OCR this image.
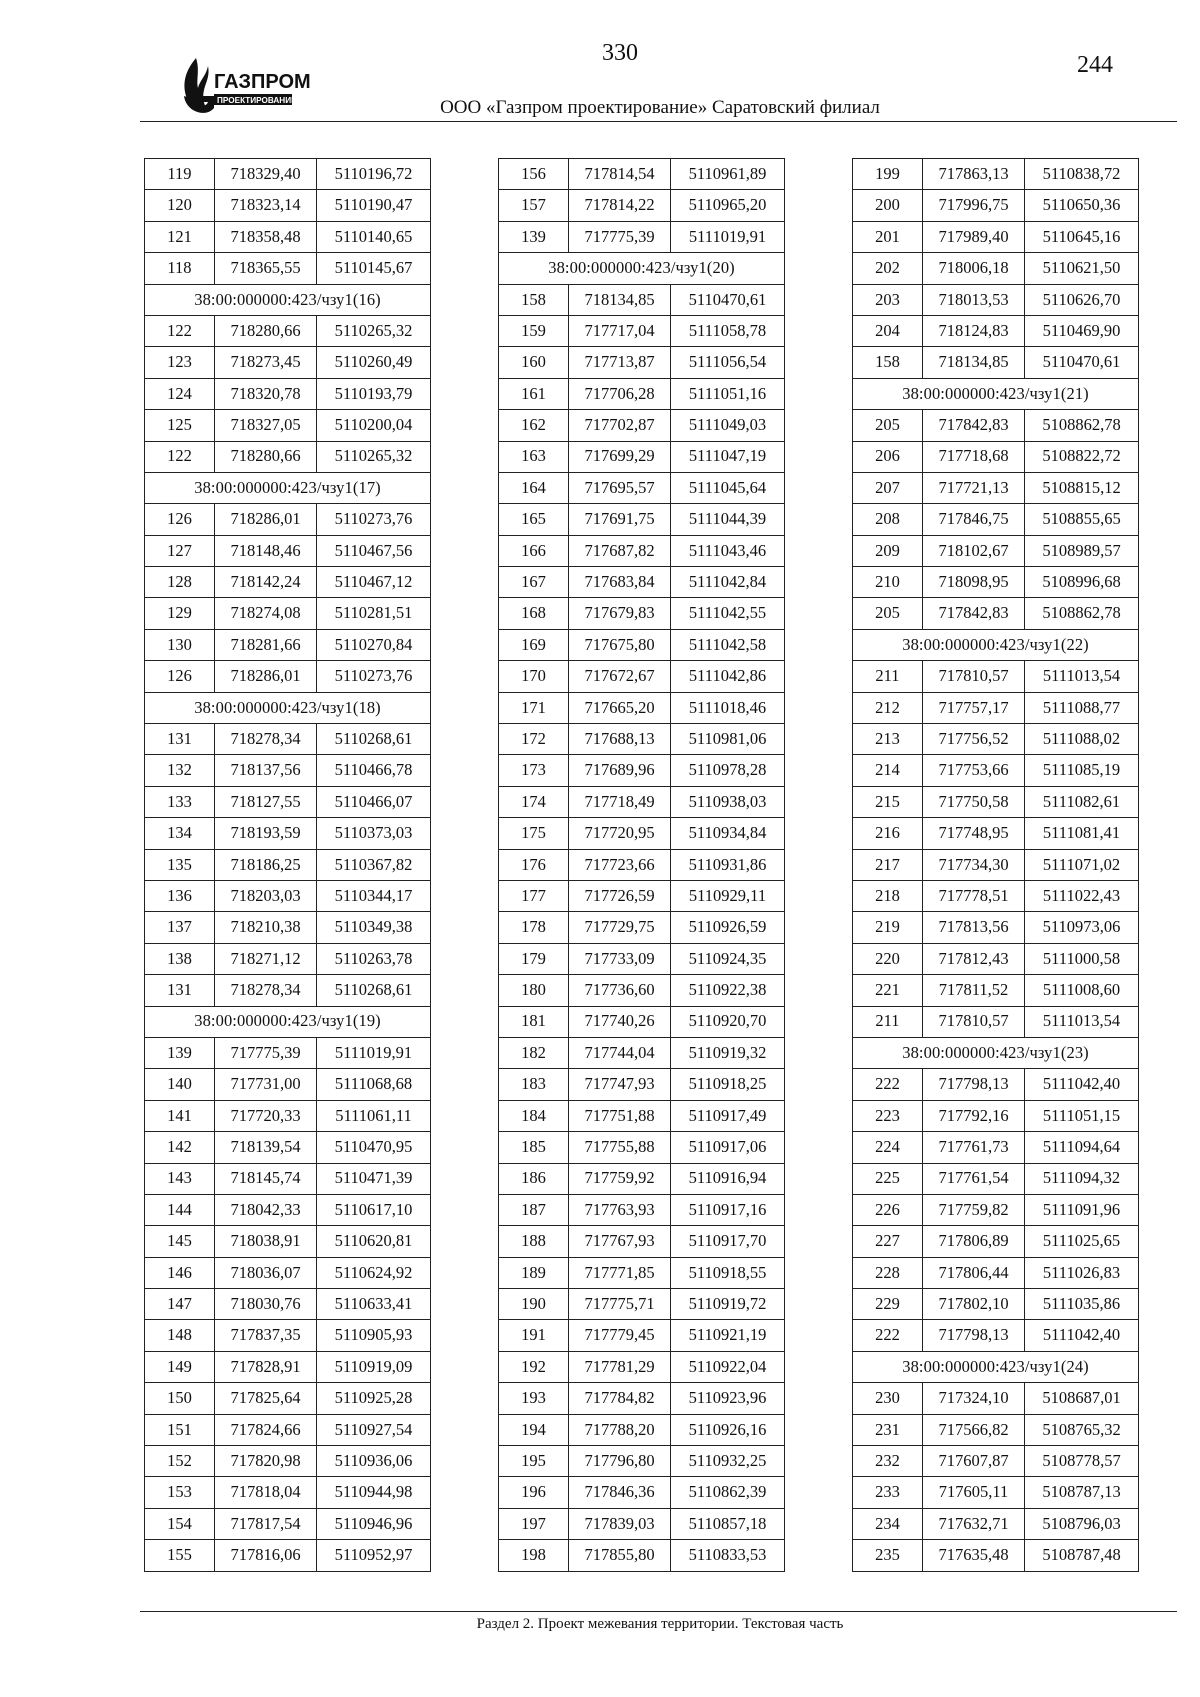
ГАЗПРОМ
ПРОЕКТИРОВАНИЕ
330	244
ООО «Газпром проектирование» Саратовский филиал
119	718329,40	5110196,72
120	718323,14	5110190,47
121	718358,48	5110140,65
118	718365,55	5110145,67
38:00:000000:423/чзу1(16)		
122	718280,66	5110265,32
123	718273,45	5110260,49
124	718320,78	5110193,79
125	718327,05	5110200,04
122	718280,66	5110265,32
38:00:000000:423/чзу1(17)		
126	718286,01	5110273,76
127	718148,46	5110467,56
128	718142,24	5110467,12
129	718274,08	5110281,51
130	718281,66	5110270,84
126	718286,01	5110273,76
38:00:000000:423/чзу1(18)		
131	718278,34	5110268,61
132	718137,56	5110466,78
133	718127,55	5110466,07
134	718193,59	5110373,03
135	718186,25	5110367,82
136	718203,03	5110344,17
137	718210,38	5110349,38
138	718271,12	5110263,78
131	718278,34	5110268,61
38:00:000000:423/чзу1(19)		
139	717775,39	5111019,91
140	717731,00	5111068,68
141	717720,33	5111061,11
142	718139,54	5110470,95
143	718145,74	5110471,39
144	718042,33	5110617,10
145	718038,91	5110620,81
146	718036,07	5110624,92
147	718030,76	5110633,41
148	717837,35	5110905,93
149	717828,91	5110919,09
150	717825,64	5110925,28
151	717824,66	5110927,54
152	717820,98	5110936,06
153	717818,04	5110944,98
154	717817,54	5110946,96
155	717816,06	5110952,97
156	717814,54	5110961,89
157	717814,22	5110965,20
139	717775,39	5111019,91
38:00:000000:423/чзу1(20)		
158	718134,85	5110470,61
159	717717,04	5111058,78
160	717713,87	5111056,54
161	717706,28	5111051,16
162	717702,87	5111049,03
163	717699,29	5111047,19
164	717695,57	5111045,64
165	717691,75	5111044,39
166	717687,82	5111043,46
167	717683,84	5111042,84
168	717679,83	5111042,55
169	717675,80	5111042,58
170	717672,67	5111042,86
171	717665,20	5111018,46
172	717688,13	5110981,06
173	717689,96	5110978,28
174	717718,49	5110938,03
175	717720,95	5110934,84
176	717723,66	5110931,86
177	717726,59	5110929,11
178	717729,75	5110926,59
179	717733,09	5110924,35
180	717736,60	5110922,38
181	717740,26	5110920,70
182	717744,04	5110919,32
183	717747,93	5110918,25
184	717751,88	5110917,49
185	717755,88	5110917,06
186	717759,92	5110916,94
187	717763,93	5110917,16
188	717767,93	5110917,70
189	717771,85	5110918,55
190	717775,71	5110919,72
191	717779,45	5110921,19
192	717781,29	5110922,04
193	717784,82	5110923,96
194	717788,20	5110926,16
195	717796,80	5110932,25
196	717846,36	5110862,39
197	717839,03	5110857,18
198	717855,80	5110833,53
199	717863,13	5110838,72
200	717996,75	5110650,36
201	717989,40	5110645,16
202	718006,18	5110621,50
203	718013,53	5110626,70
204	718124,83	5110469,90
158	718134,85	5110470,61
38:00:000000:423/чзу1(21)		
205	717842,83	5108862,78
206	717718,68	5108822,72
207	717721,13	5108815,12
208	717846,75	5108855,65
209	718102,67	5108989,57
210	718098,95	5108996,68
205	717842,83	5108862,78
38:00:000000:423/чзу1(22)		
211	717810,57	5111013,54
212	717757,17	5111088,77
213	717756,52	5111088,02
214	717753,66	5111085,19
215	717750,58	5111082,61
216	717748,95	5111081,41
217	717734,30	5111071,02
218	717778,51	5111022,43
219	717813,56	5110973,06
220	717812,43	5111000,58
221	717811,52	5111008,60
211	717810,57	5111013,54
38:00:000000:423/чзу1(23)		
222	717798,13	5111042,40
223	717792,16	5111051,15
224	717761,73	5111094,64
225	717761,54	5111094,32
226	717759,82	5111091,96
227	717806,89	5111025,65
228	717806,44	5111026,83
229	717802,10	5111035,86
222	717798,13	5111042,40
38:00:000000:423/чзу1(24)		
230	717324,10	5108687,01
231	717566,82	5108765,32
232	717607,87	5108778,57
233	717605,11	5108787,13
234	717632,71	5108796,03
235	717635,48	5108787,48
Раздел 2. Проект межевания территории. Текстовая часть
